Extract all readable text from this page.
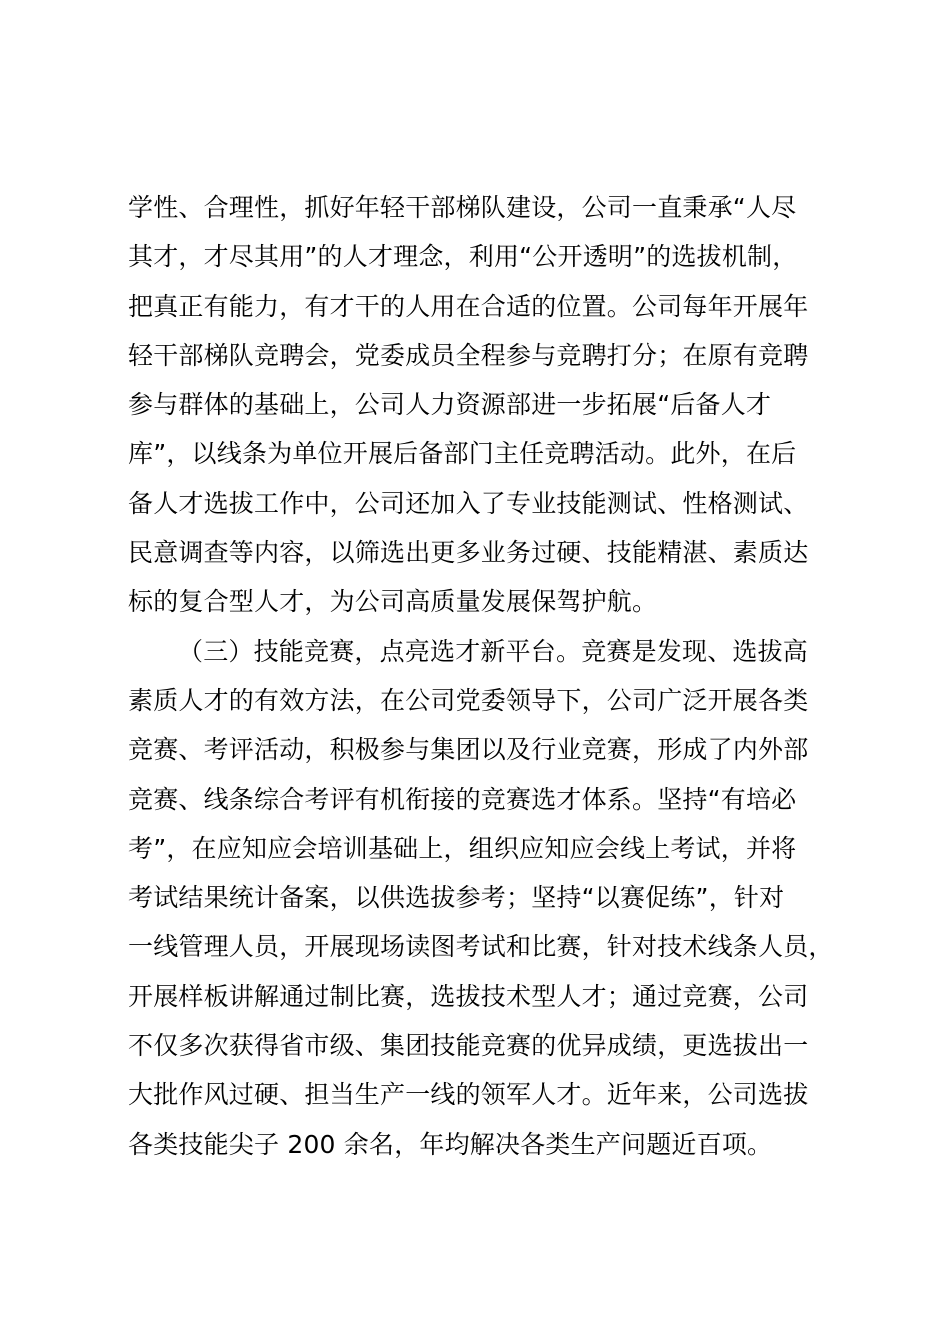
学性、合理性，抓好年轻干部梯队建设，公司一直秉承“人尽
其才，才尽其用”的人才理念，利用“公开透明”的选拔机制，
把真正有能力，有才干的人用在合适的位置。公司每年开展年
轻干部梯队竞聘会，党委成员全程参与竞聘打分；在原有竞聘
参与群体的基础上，公司人力资源部进一步拓展“后备人才
库”，以线条为单位开展后备部门主任竞聘活动。此外，在后
备人才选拔工作中，公司还加入了专业技能测试、性格测试、
民意调查等内容，以筛选出更多业务过硬、技能精湛、素质达
标的复合型人才，为公司高质量发展保驾护航。
（三）技能竞赛，点亮选才新平台。竞赛是发现、选拔高
素质人才的有效方法，在公司党委领导下，公司广泛开展各类
竞赛、考评活动，积极参与集团以及行业竞赛，形成了内外部
竞赛、线条综合考评有机衔接的竞赛选才体系。坚持“有培必
考”，在应知应会培训基础上，组织应知应会线上考试，并将
考试结果统计备案，以供选拔参考；坚持“以赛促练”，针对
一线管理人员，开展现场读图考试和比赛，针对技术线条人员，
开展样板讲解通过制比赛，选拔技术型人才；通过竞赛，公司
不仅多次获得省市级、集团技能竞赛的优异成绩，更选拔出一
大批作风过硬、担当生产一线的领军人才。近年来，公司选拔
各类技能尖子 200 余名，年均解决各类生产问题近百项。
